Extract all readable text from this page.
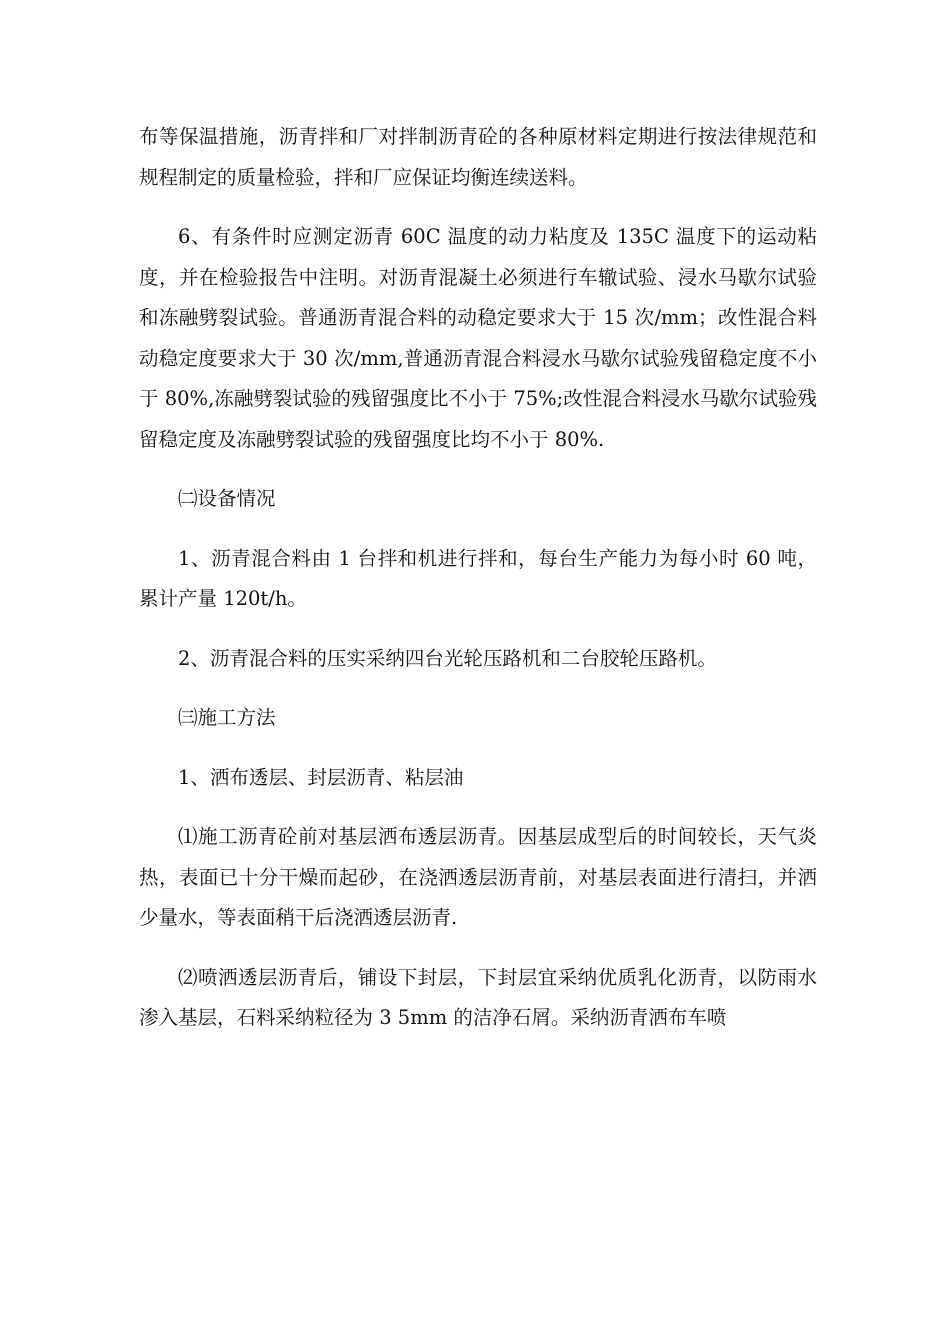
布等保温措施，沥青拌和厂对拌制沥青砼的各种原材料定期进行按法律规范和规程制定的质量检验，拌和厂应保证均衡连续送料。

6、有条件时应测定沥青 60C 温度的动力粘度及 135C 温度下的运动粘度，并在检验报告中注明。对沥青混凝土必须进行车辙试验、浸水马歇尔试验和冻融劈裂试验。普通沥青混合料的动稳定要求大于 15 次/mm；改性混合料动稳定度要求大于 30 次/mm,普通沥青混合料浸水马歇尔试验残留稳定度不小于 80%,冻融劈裂试验的残留强度比不小于 75%;改性混合料浸水马歇尔试验残留稳定度及冻融劈裂试验的残留强度比均不小于 80%.

㈡设备情况

1、沥青混合料由 1 台拌和机进行拌和，每台生产能力为每小时 60 吨，累计产量 120t/h。

2、沥青混合料的压实采纳四台光轮压路机和二台胶轮压路机。

㈢施工方法

1、洒布透层、封层沥青、粘层油

⑴施工沥青砼前对基层洒布透层沥青。因基层成型后的时间较长，天气炎热，表面已十分干燥而起砂，在浇洒透层沥青前，对基层表面进行清扫，并洒少量水，等表面稍干后浇洒透层沥青.

⑵喷洒透层沥青后，铺设下封层，下封层宜采纳优质乳化沥青，以防雨水渗入基层，石料采纳粒径为 3 5mm 的洁净石屑。采纳沥青洒布车喷
